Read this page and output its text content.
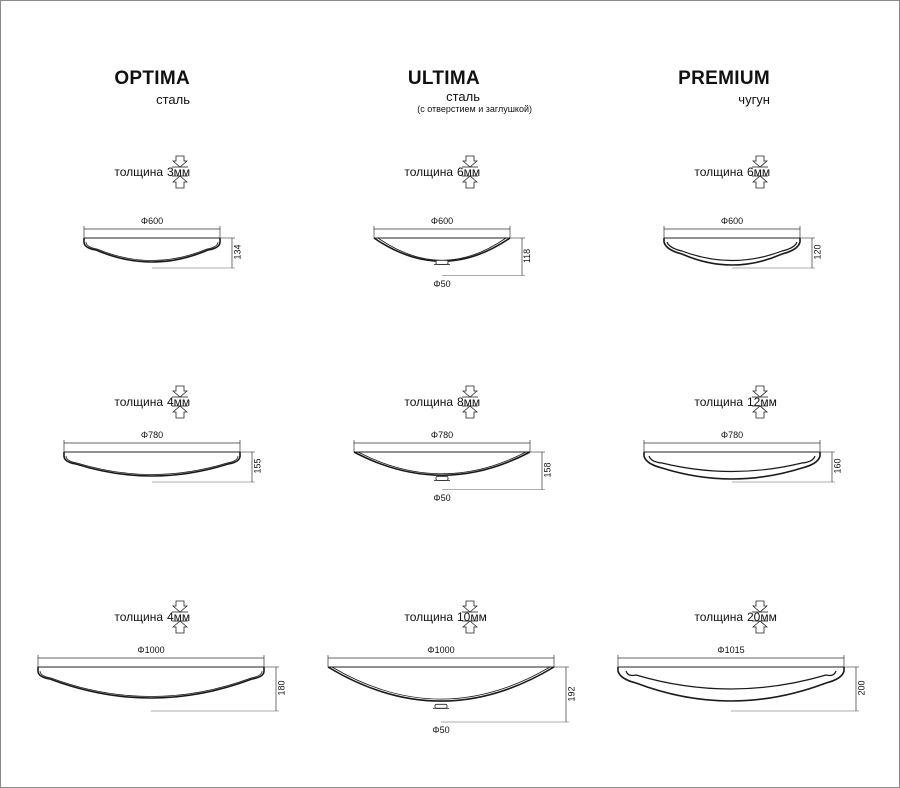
OPTIMA
сталь
ULTIMA
сталь
(с отверстием и заглушкой)
PREMIUM
чугун
толщина 3мм
Φ600
134
толщина 4мм
Φ780
155
толщина 4мм
Φ1000
180
толщина 6мм
Φ600
118
Φ50
толщина 8мм
Φ780
158
Φ50
толщина 10мм
Φ1000
192
Φ50
толщина 6мм
Φ600
120
толщина 12мм
Φ780
160
толщина 20мм
Φ1015
200
